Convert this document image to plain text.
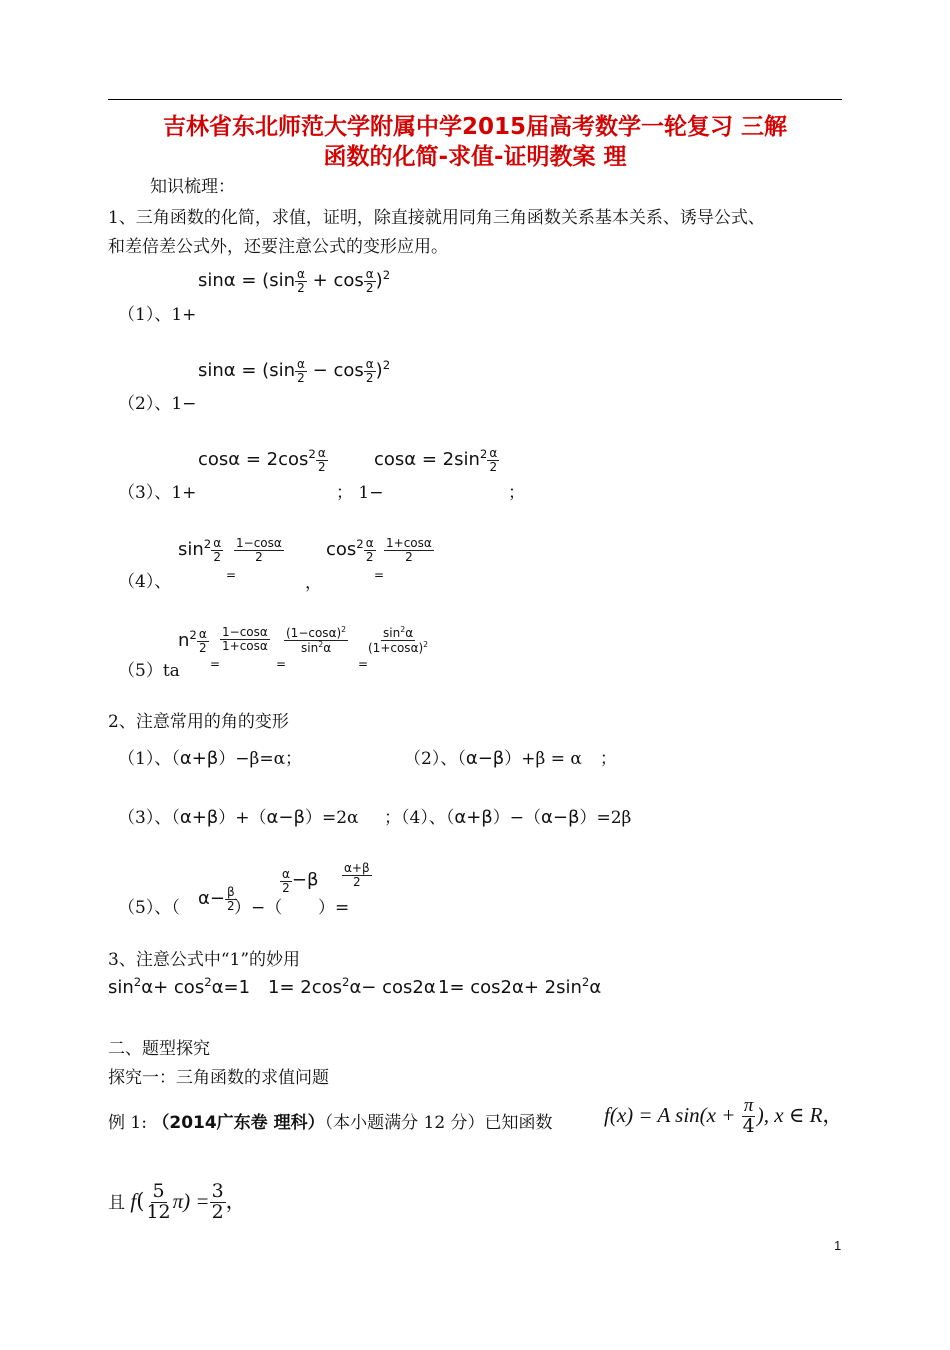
吉林省东北师范大学附属中学2015届高考数学一轮复习 三解
函数的化简-求值-证明教案 理
知识梳理：
1、三角函数的化简，求值，证明，除直接就用同角三角函数关系基本关系、诱导公式、
和差倍差公式外，还要注意公式的变形应用。
$\sin\alpha = (\sin \frac{\alpha}{2} + \cos \frac{\alpha}{2} )^2$
（1）、1+
$\sin\alpha = (\sin \frac{\alpha}{2} - \cos \frac{\alpha}{2} )^2$
（2）、1−
$\cos\alpha = 2\cos^2 \frac{\alpha}{2}$	$\cos\alpha = 2\sin^2 \frac{\alpha}{2}$
（3）、1+	； 1−	；
（4）、
$\sin^2 \frac{\alpha}{2}$
=
$\frac{1-\cos\alpha}{2}$
，
$\cos^2 \frac{\alpha}{2}$
=
$\frac{1+\cos\alpha}{2}$
（5）ta
$n^2 \frac{\alpha}{2}$
=
$\frac{1-\cos\alpha}{1+\cos\alpha}$
=
$\frac{(1-\cos\alpha)^2}{\sin^2\alpha}$
=
$\frac{\sin^2\alpha}{(1+\cos\alpha)^2}$
2、注意常用的角的变形
（1）、（α+β）−β=α；	（2）、（α−β）+β = α ；
（3）、（α+β）+（α−β）=2α ；（4）、（α+β）−（α−β）=2β
（5）、（ $\alpha- \frac{\beta}{2}$
）−（
$\frac{\alpha}{2} -\beta$
）=
$\frac{\alpha+\beta}{2}$
3、注意公式中“1”的妙用
$\sin^2\alpha+ \cos^2\alpha=1$ $1= 2\cos^2\alpha- \cos 2\alpha$ $1= \cos 2\alpha+ 2\sin^2\alpha$
二、题型探究
探究一：三角函数的求值问题
例 1: （2014广东卷 理科）（本小题满分 12 分）已知函数 f(x) = A $\sin(x + \frac{\pi}{4}$ ), x ∈ R，
且 $f( \frac{5}{12} \pi) = \frac{3}{2}$ ，
1
